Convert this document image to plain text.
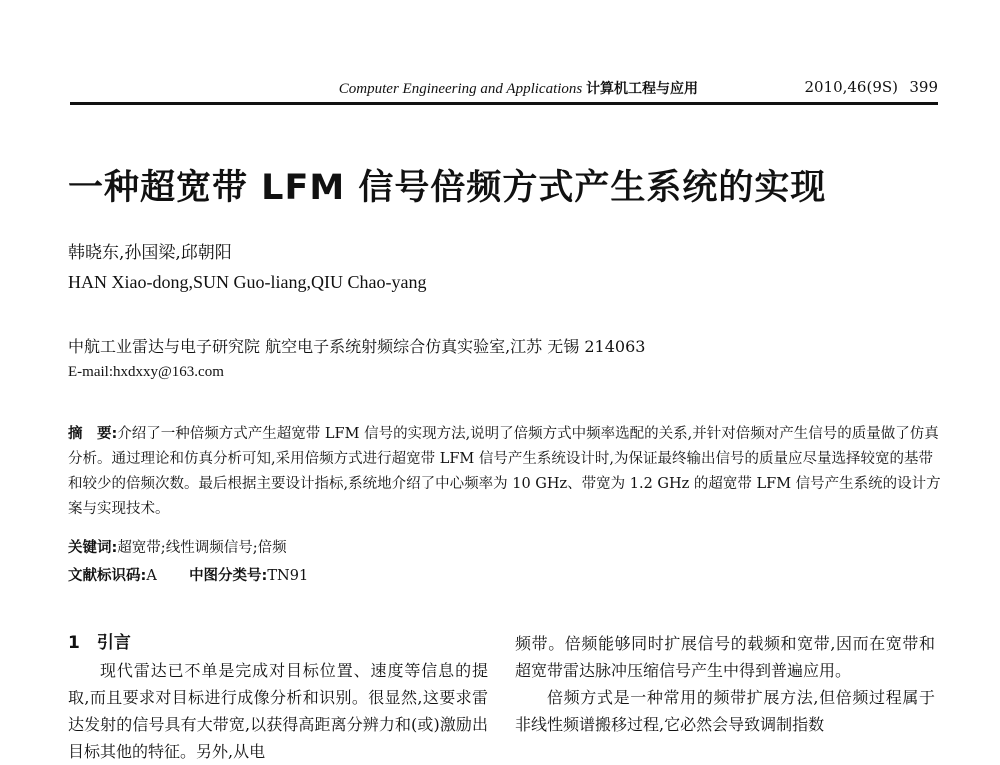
Computer Engineering and Applications 计算机工程与应用	2010,46(9S) 399
一种超宽带 LFM 信号倍频方式产生系统的实现
韩晓东,孙国梁,邱朝阳
HAN Xiao-dong,SUN Guo-liang,QIU Chao-yang
中航工业雷达与电子研究院 航空电子系统射频综合仿真实验室,江苏 无锡 214063
E-mail:hxdxxy@163.com
摘　要:介绍了一种倍频方式产生超宽带 LFM 信号的实现方法,说明了倍频方式中频率选配的关系,并针对倍频对产生信号的质量做了仿真分析。通过理论和仿真分析可知,采用倍频方式进行超宽带 LFM 信号产生系统设计时,为保证最终输出信号的质量应尽量选择较宽的基带和较少的倍频次数。最后根据主要设计指标,系统地介绍了中心频率为 10 GHz、带宽为 1.2 GHz 的超宽带 LFM 信号产生系统的设计方案与实现技术。
关键词:超宽带;线性调频信号;倍频
文献标识码:A 中图分类号:TN91

1　引言

现代雷达已不单是完成对目标位置、速度等信息的提取,而且要求对目标进行成像分析和识别。很显然,这要求雷达发射的信号具有大带宽,以获得高距离分辨力和(或)激励出目标其他的特征。另外,从电

频带。倍频能够同时扩展信号的载频和宽带,因而在宽带和超宽带雷达脉冲压缩信号产生中得到普遍应用。

倍频方式是一种常用的频带扩展方法,但倍频过程属于非线性频谱搬移过程,它必然会导致调制指数
